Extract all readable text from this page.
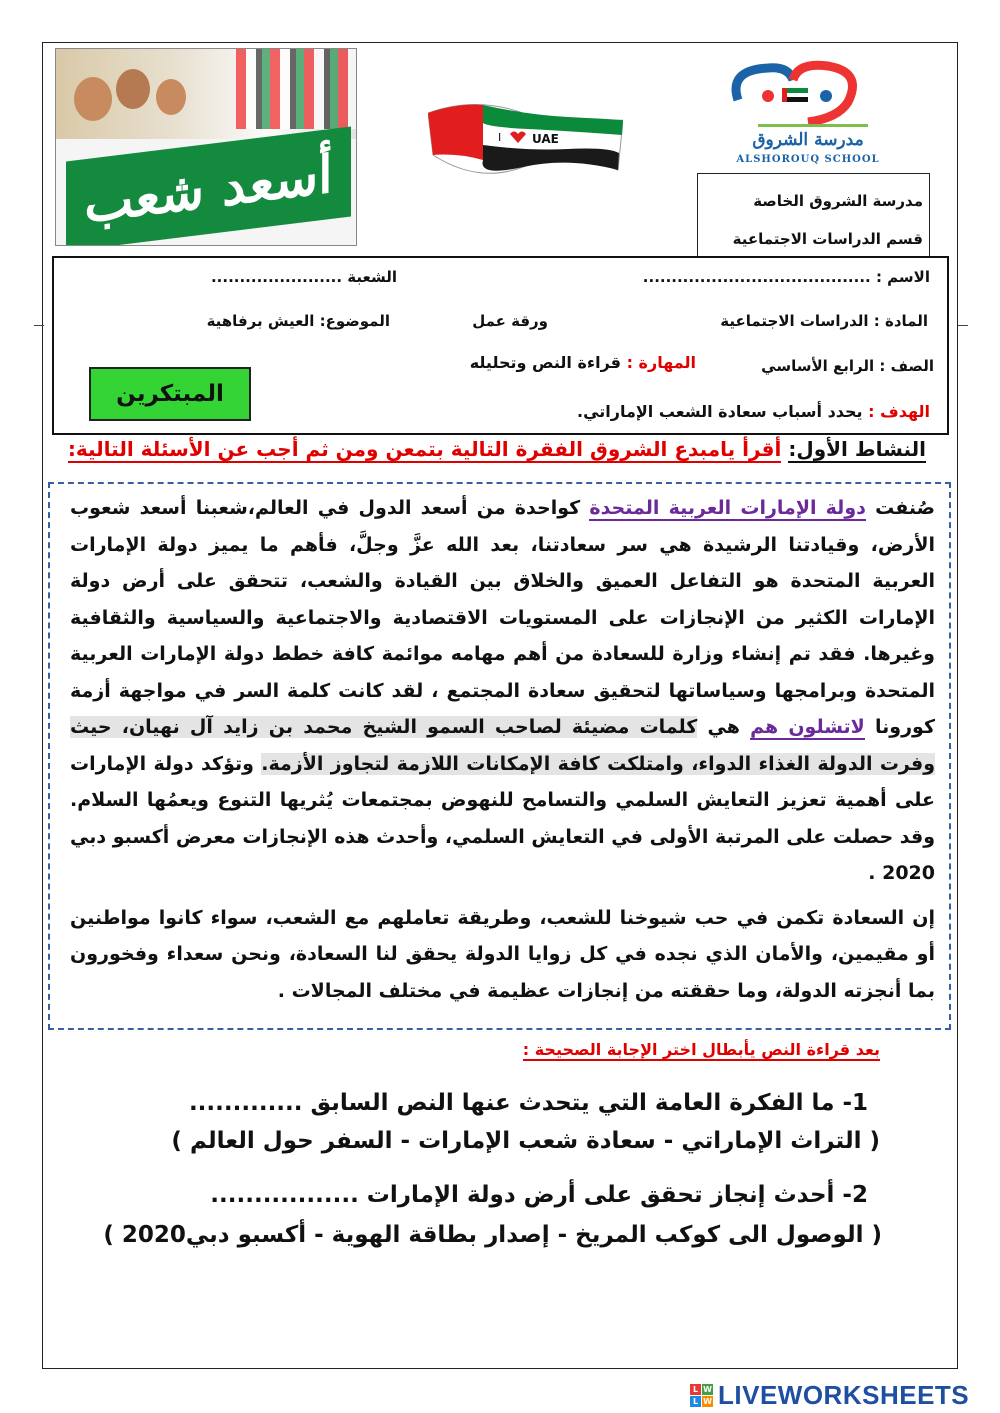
أسعد شعب
I	UAE	مدرسة الشروق
ALSHOROUQ SCHOOL
مدرسة الشروق الخاصة
قسم الدراسات الاجتماعية
الاسم : ........................................
الشعبة .......................
المادة : الدراسات الاجتماعية
ورقة عمل
الموضوع: العيش برفاهية
الصف : الرابع الأساسي
المهارة : قراءة النص وتحليله
الهدف : يحدد أسباب سعادة الشعب الإماراتي.
المبتكرين
النشاط الأول: أقرأ يامبدع الشروق الفقرة التالية بتمعن ومن ثم أجب عن الأسئلة التالية:

صُنفت دولة الإمارات العربية المتحدة كواحدة من أسعد الدول في العالم،شعبنا أسعد شعوب الأرض، وقيادتنا الرشيدة هي سر سعادتنا، بعد الله عزَّ وجلَّ، فأهم ما يميز دولة الإمارات العربية المتحدة هو التفاعل العميق والخلاق بين القيادة والشعب، تتحقق على أرض دولة الإمارات الكثير من الإنجازات على المستويات الاقتصادية والاجتماعية والسياسية والثقافية وغيرها. فقد تم إنشاء وزارة للسعادة من أهم مهامه موائمة كافة خطط دولة الإمارات العربية المتحدة وبرامجها وسياساتها لتحقيق سعادة المجتمع ، لقد كانت كلمة السر في مواجهة أزمة كورونا لاتشلون هم هي كلمات مضيئة لصاحب السمو الشيخ محمد بن زايد آل نهيان، حيث وفرت الدولة الغذاء الدواء، وامتلكت كافة الإمكانات اللازمة لتجاوز الأزمة. وتؤكد دولة الإمارات على أهمية تعزيز التعايش السلمي والتسامح للنهوض بمجتمعات يُثريها التنوع ويعمُها السلام. وقد حصلت على المرتبة الأولى في التعايش السلمي، وأحدث هذه الإنجازات معرض أكسبو دبي 2020 .

إن السعادة تكمن في حب شيوخنا للشعب، وطريقة تعاملهم مع الشعب، سواء كانوا مواطنين أو مقيمين، والأمان الذي نجده في كل زوايا الدولة يحقق لنا السعادة، ونحن سعداء وفخورون بما أنجزته الدولة، وما حققته من إنجازات عظيمة في مختلف المجالات .

بعد قراءة النص يأبطال اختر الإجابة الصحيحة :
1- ما الفكرة العامة التي يتحدث عنها النص السابق .............
( التراث الإماراتي - سعادة شعب الإمارات - السفر حول العالم )
2- أحدث إنجاز تحقق على أرض دولة الإمارات .................
( الوصول الى كوكب المريخ - إصدار بطاقة الهوية - أكسبو دبي2020 )
L W
L W LIVEWORKSHEETS
